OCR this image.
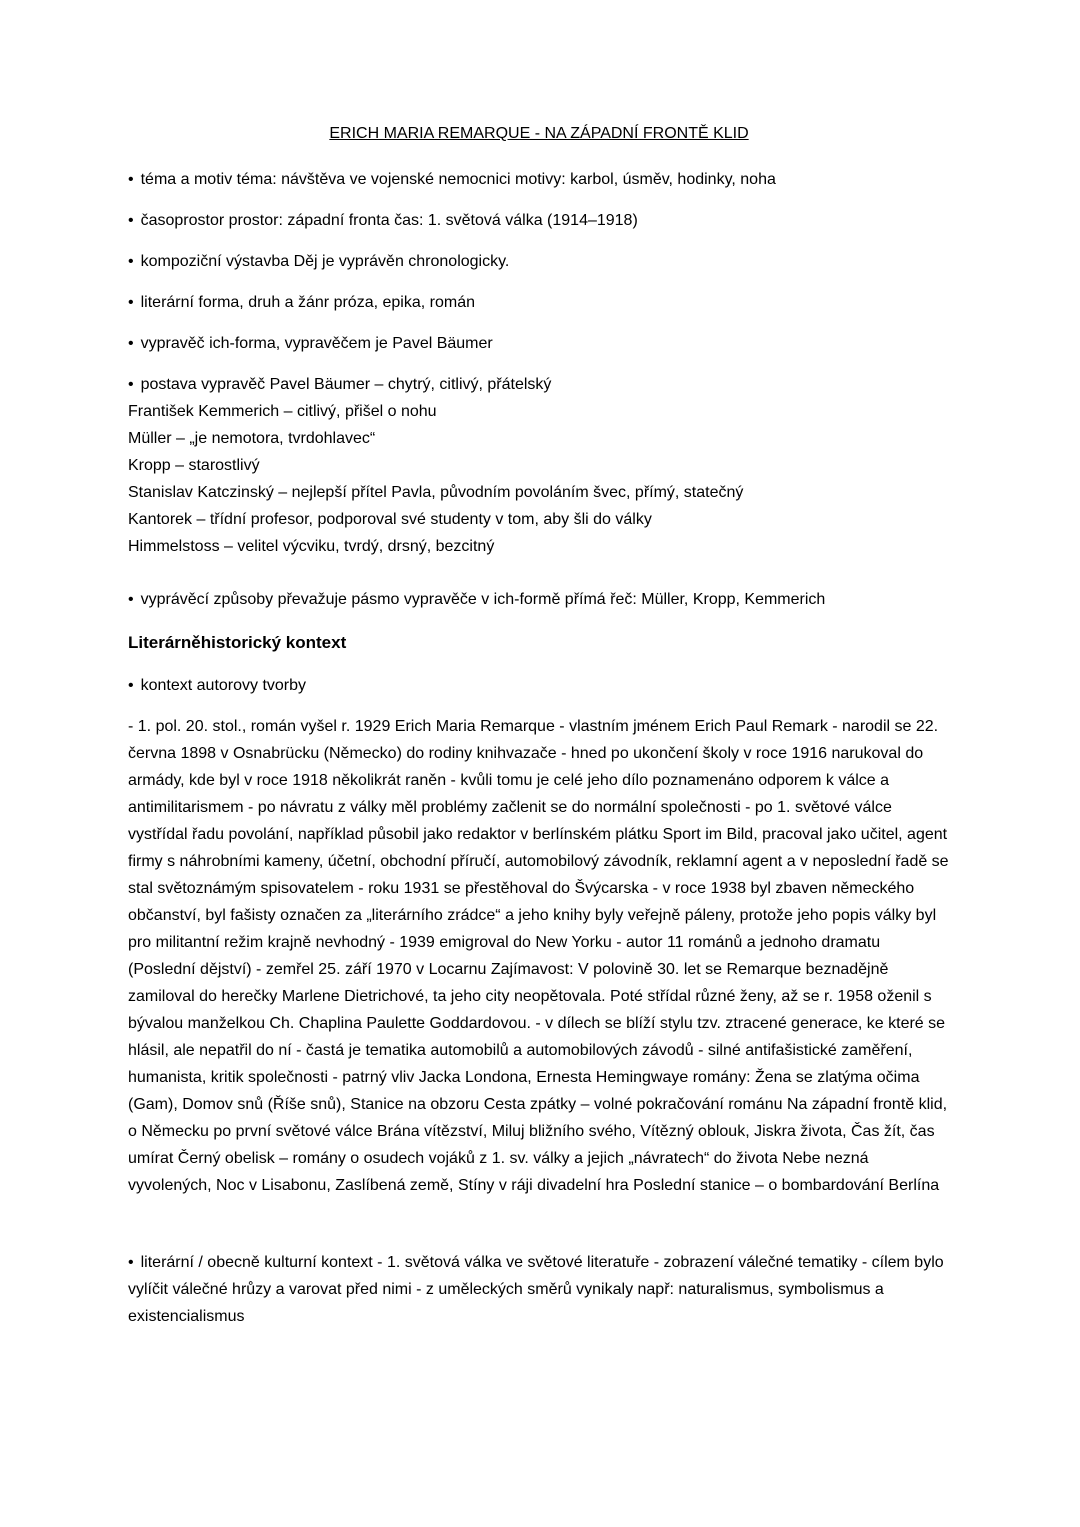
ERICH MARIA REMARQUE - NA ZÁPADNÍ FRONTĚ KLID

• téma a motiv téma: návštěva ve vojenské nemocnici motivy: karbol, úsměv, hodinky, noha

• časoprostor prostor: západní fronta čas: 1. světová válka (1914–1918)

• kompoziční výstavba Děj je vyprávěn chronologicky.

• literární forma, druh a žánr próza, epika, román

• vypravěč ich-forma, vypravěčem je Pavel Bäumer

• postava vypravěč Pavel Bäumer – chytrý, citlivý, přátelský

František Kemmerich – citlivý, přišel o nohu
Müller – „je nemotora, tvrdohlavec“
Kropp – starostlivý
Stanislav Katczinský – nejlepší přítel Pavla, původním povoláním švec, přímý, statečný
Kantorek – třídní profesor, podporoval své studenty v tom, aby šli do války
Himmelstoss – velitel výcviku, tvrdý, drsný, bezcitný

• vyprávěcí způsoby převažuje pásmo vypravěče v ich-formě přímá řeč: Müller, Kropp, Kemmerich

Literárněhistorický kontext

• kontext autorovy tvorby

- 1. pol. 20. stol., román vyšel r. 1929 Erich Maria Remarque - vlastním jménem Erich Paul Remark - narodil se 22. června 1898 v Osnabrücku (Německo) do rodiny knihvazače - hned po ukončení školy v roce 1916 narukoval do armády, kde byl v roce 1918 několikrát raněn - kvůli tomu je celé jeho dílo poznamenáno odporem k válce a antimilitarismem - po návratu z války měl problémy začlenit se do normální společnosti - po 1. světové válce vystřídal řadu povolání, například působil jako redaktor v berlínském plátku Sport im Bild, pracoval jako učitel, agent firmy s náhrobními kameny, účetní, obchodní příručí, automobilový závodník, reklamní agent a v neposlední řadě se stal světoznámým spisovatelem - roku 1931 se přestěhoval do Švýcarska - v roce 1938 byl zbaven německého občanství, byl fašisty označen za „literárního zrádce“ a jeho knihy byly veřejně páleny, protože jeho popis války byl pro militantní režim krajně nevhodný - 1939 emigroval do New Yorku - autor 11 románů a jednoho dramatu (Poslední dějství) - zemřel 25. září 1970 v Locarnu Zajímavost: V polovině 30. let se Remarque beznadějně zamiloval do herečky Marlene Dietrichové, ta jeho city neopětovala. Poté střídal různé ženy, až se r. 1958 oženil s bývalou manželkou Ch. Chaplina Paulette Goddardovou. - v dílech se blíží stylu tzv. ztracené generace, ke které se hlásil, ale nepatřil do ní - častá je tematika automobilů a automobilových závodů - silné antifašistické zaměření, humanista, kritik společnosti - patrný vliv Jacka Londona, Ernesta Hemingwaye romány: Žena se zlatýma očima (Gam), Domov snů (Říše snů), Stanice na obzoru Cesta zpátky – volné pokračování románu Na západní frontě klid, o Německu po první světové válce Brána vítězství, Miluj bližního svého, Vítězný oblouk, Jiskra života, Čas žít, čas umírat Černý obelisk – romány o osudech vojáků z 1. sv. války a jejich „návratech“ do života Nebe nezná vyvolených, Noc v Lisabonu, Zaslíbená země, Stíny v ráji divadelní hra Poslední stanice – o bombardování Berlína

• literární / obecně kulturní kontext - 1. světová válka ve světové literatuře - zobrazení válečné tematiky - cílem bylo vylíčit válečné hrůzy a varovat před nimi - z uměleckých směrů vynikaly např: naturalismus, symbolismus a existencialismus
